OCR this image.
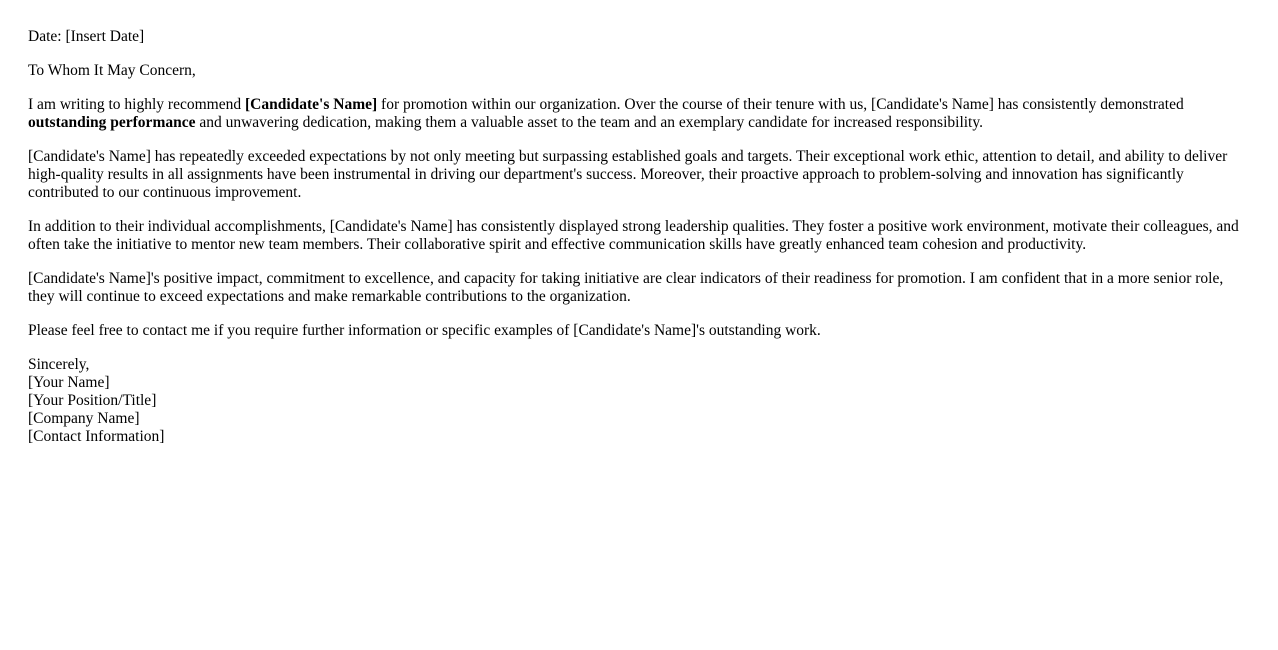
Date: [Insert Date]

To Whom It May Concern,

I am writing to highly recommend [Candidate's Name] for promotion within our organization. Over the course of their tenure with us, [Candidate's Name] has consistently demonstrated outstanding performance and unwavering dedication, making them a valuable asset to the team and an exemplary candidate for increased responsibility.

[Candidate's Name] has repeatedly exceeded expectations by not only meeting but surpassing established goals and targets. Their exceptional work ethic, attention to detail, and ability to deliver high-quality results in all assignments have been instrumental in driving our department's success. Moreover, their proactive approach to problem-solving and innovation has significantly contributed to our continuous improvement.

In addition to their individual accomplishments, [Candidate's Name] has consistently displayed strong leadership qualities. They foster a positive work environment, motivate their colleagues, and often take the initiative to mentor new team members. Their collaborative spirit and effective communication skills have greatly enhanced team cohesion and productivity.

[Candidate's Name]'s positive impact, commitment to excellence, and capacity for taking initiative are clear indicators of their readiness for promotion. I am confident that in a more senior role, they will continue to exceed expectations and make remarkable contributions to the organization.

Please feel free to contact me if you require further information or specific examples of [Candidate's Name]'s outstanding work.

Sincerely,
[Your Name]
[Your Position/Title]
[Company Name]
[Contact Information]
